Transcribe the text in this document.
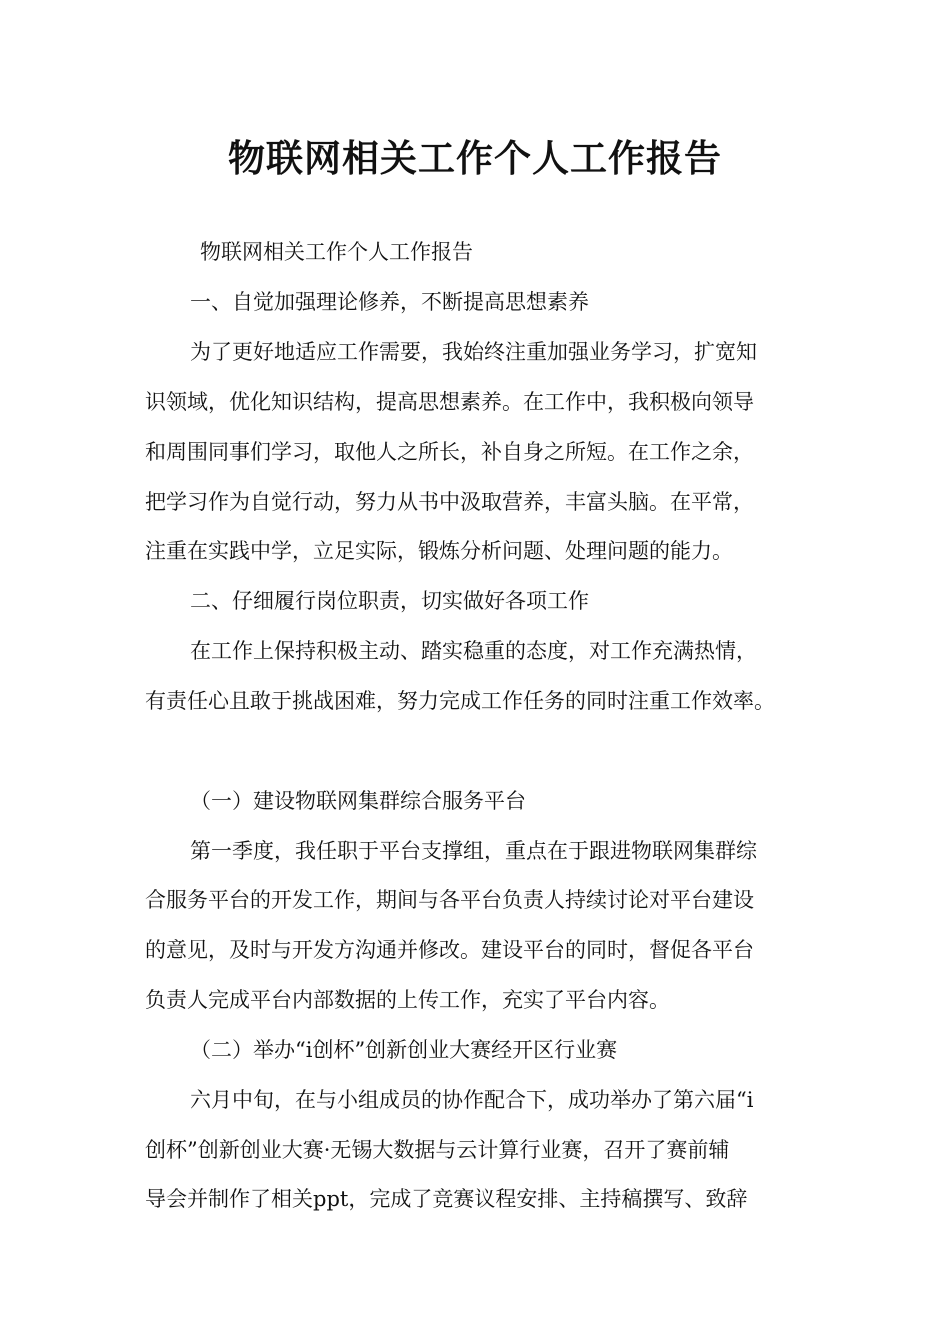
物联网相关工作个人工作报告
物联网相关工作个人工作报告
一、自觉加强理论修养，不断提高思想素养
为了更好地适应工作需要，我始终注重加强业务学习，扩宽知
识领域，优化知识结构，提高思想素养。在工作中，我积极向领导
和周围同事们学习，取他人之所长，补自身之所短。在工作之余，
把学习作为自觉行动，努力从书中汲取营养，丰富头脑。在平常，
注重在实践中学，立足实际，锻炼分析问题、处理问题的能力。
二、仔细履行岗位职责，切实做好各项工作
在工作上保持积极主动、踏实稳重的态度，对工作充满热情，
有责任心且敢于挑战困难，努力完成工作任务的同时注重工作效率。
（一）建设物联网集群综合服务平台
第一季度，我任职于平台支撑组，重点在于跟进物联网集群综
合服务平台的开发工作，期间与各平台负责人持续讨论对平台建设
的意见，及时与开发方沟通并修改。建设平台的同时，督促各平台
负责人完成平台内部数据的上传工作，充实了平台内容。
（二）举办“i创杯”创新创业大赛经开区行业赛
六月中旬，在与小组成员的协作配合下，成功举办了第六届“i
创杯”创新创业大赛·无锡大数据与云计算行业赛，召开了赛前辅
导会并制作了相关ppt，完成了竞赛议程安排、主持稿撰写、致辞
